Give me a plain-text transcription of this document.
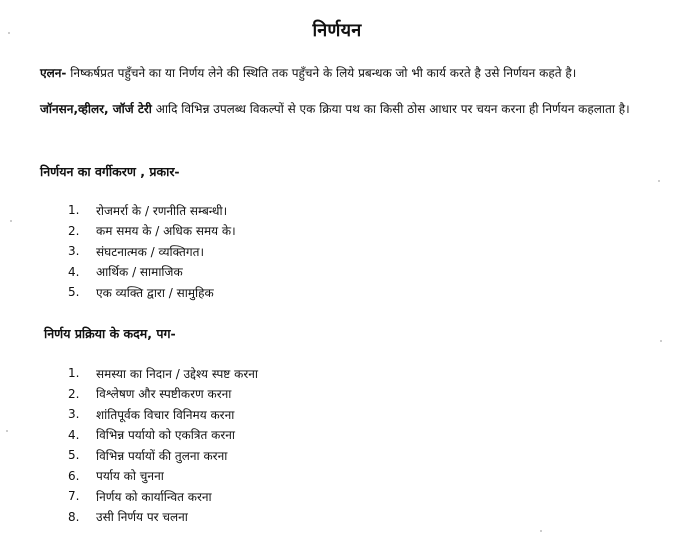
निर्णयन
एलन- निष्कर्षप्रत पहुँचने का या निर्णय लेने की स्थिति तक पहुँचने के लिये प्रबन्धक जो भी कार्य करते है उसे निर्णयन कहते है।
जॉनसन,व्हीलर, जॉर्ज टेरी आदि विभिन्न उपलब्ध विकल्पों से एक क्रिया पथ का किसी ठोस आधार पर चयन करना ही निर्णयन कहलाता है।
निर्णयन का वर्गीकरण , प्रकार-
1.	रोजमर्रा के / रणनीति सम्बन्धी।
2.	कम समय के / अधिक समय के।
3.	संघटनात्मक / व्यक्तिगत।
4.	आर्थिक / सामाजिक
5.	एक व्यक्ति द्वारा / सामुहिक
निर्णय प्रक्रिया के कदम, पग-
1.	समस्या का निदान / उद्देश्य स्पष्ट करना
2.	विश्लेषण और स्पष्टीकरण करना
3.	शांतिपूर्वक विचार विनिमय करना
4.	विभिन्न पर्यायो को एकत्रित करना
5.	विभिन्न पर्यायों की तुलना करना
6.	पर्याय को चुनना
7.	निर्णय को कार्यान्वित करना
8.	उसी निर्णय पर चलना
